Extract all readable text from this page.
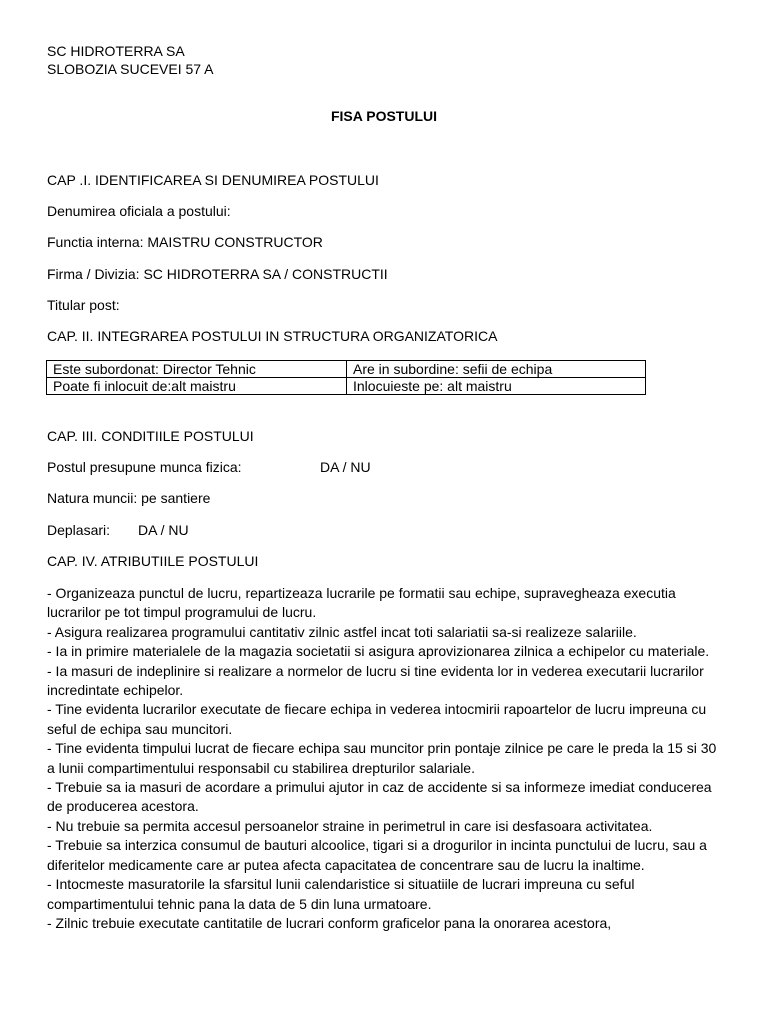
SC HIDROTERRA SA
SLOBOZIA SUCEVEI 57 A
FISA POSTULUI
CAP .I. IDENTIFICAREA SI DENUMIREA POSTULUI
Denumirea oficiala a postului:
Functia interna: MAISTRU CONSTRUCTOR
Firma / Divizia: SC HIDROTERRA SA / CONSTRUCTII
Titular post:
CAP. II. INTEGRAREA POSTULUI IN STRUCTURA ORGANIZATORICA
Este subordonat: Director Tehnic	Are in subordine: sefii de echipa
Poate fi inlocuit de:alt maistru	Inlocuieste pe: alt maistru
CAP. III. CONDITIILE POSTULUI
Postul presupune munca fizica:	DA / NU
Natura muncii: pe santiere
Deplasari: DA / NU
CAP. IV. ATRIBUTIILE POSTULUI

- Organizeaza punctul de lucru, repartizeaza lucrarile pe formatii sau echipe, supravegheaza executia lucrarilor pe tot timpul programului de lucru.

- Asigura realizarea programului cantitativ zilnic astfel incat toti salariatii sa-si realizeze salariile.

- Ia in primire materialele de la magazia societatii si asigura aprovizionarea zilnica a echipelor cu materiale.

- Ia masuri de indeplinire si realizare a normelor de lucru si tine evidenta lor in vederea executarii lucrarilor incredintate echipelor.

- Tine evidenta lucrarilor executate de fiecare echipa in vederea intocmirii rapoartelor de lucru impreuna cu seful de echipa sau muncitori.

- Tine evidenta timpului lucrat de fiecare echipa sau muncitor prin pontaje zilnice pe care le preda la 15 si 30 a lunii compartimentului responsabil cu stabilirea drepturilor salariale.

- Trebuie sa ia masuri de acordare a primului ajutor in caz de accidente si sa informeze imediat conducerea de producerea acestora.

- Nu trebuie sa permita accesul persoanelor straine in perimetrul in care isi desfasoara activitatea.

- Trebuie sa interzica consumul de bauturi alcoolice, tigari si a drogurilor in incinta punctului de lucru, sau a diferitelor medicamente care ar putea afecta capacitatea de concentrare sau de lucru la inaltime.

- Intocmeste masuratorile la sfarsitul lunii calendaristice si situatiile de lucrari impreuna cu seful compartimentului tehnic pana la data de 5 din luna urmatoare.

- Zilnic trebuie executate cantitatile de lucrari conform graficelor pana la onorarea acestora,
